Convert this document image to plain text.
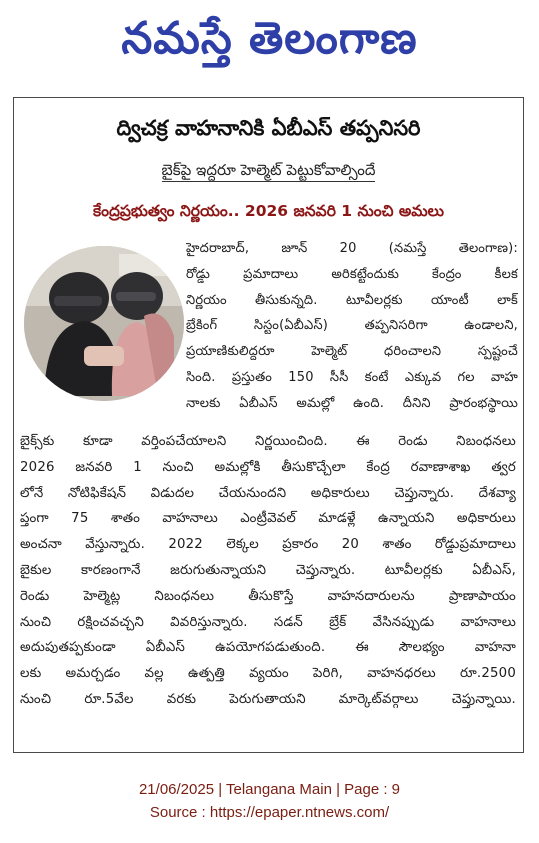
నమస్తే తెలంగాణ
ద్విచక్ర వాహనానికి ఏబీఎస్ తప్పనిసరి
బైక్‌పై ఇద్దరూ హెల్మెట్ పెట్టుకోవాల్సిందే
కేంద్రప్రభుత్వం నిర్ణయం.. 2026 జనవరి 1 నుంచి అమలు
హైదరాబాద్, జూన్ 20 (నమస్తే తెలంగాణ):
రోడ్డు ప్రమాదాలు అరికట్టేందుకు కేంద్రం కీలక
నిర్ణయం తీసుకున్నది. టూవీలర్లకు యాంటీ లాక్
బ్రేకింగ్ సిస్టం(ఏబీఎస్) తప్పనిసరిగా ఉండాలని,
ప్రయాణికులిద్దరూ హెల్మెట్ ధరించాలని స్పష్టంచే
సింది. ప్రస్తుతం 150 సీసీ కంటే ఎక్కువ గల వాహ
నాలకు ఏబీఎస్ అమల్లో ఉంది. దీనిని ప్రారంభస్థాయి
బైక్స్‌కు కూడా వర్తింపచేయాలని నిర్ణయించింది. ఈ రెండు నిబంధనలు
2026 జనవరి 1 నుంచి అమల్లోకి తీసుకొచ్చేలా కేంద్ర రవాణాశాఖ త్వర
లోనే నోటిఫికేషన్ విడుదల చేయనుందని అధికారులు చెప్తున్నారు. దేశవ్యా
ప్తంగా 75 శాతం వాహనాలు ఎంట్రీవెవల్ మాడళ్లే ఉన్నాయని అధికారులు
అంచనా వేస్తున్నారు. 2022 లెక్కల ప్రకారం 20 శాతం రోడ్డుప్రమాదాలు
బైకుల కారణంగానే జరుగుతున్నాయని చెప్తున్నారు. టూవీలర్లకు ఏబీఎస్,
రెండు హెల్మెట్ల నిబంధనలు తీసుకొస్తే వాహనదారులను ప్రాణాపాయం
నుంచి రక్షించవచ్చని వివరిస్తున్నారు. సడన్ బ్రేక్ వేసినప్పుడు వాహనాలు
అదుపుతప్పకుండా ఏబీఎస్ ఉపయోగపడుతుంది. ఈ సౌలభ్యం వాహనా
లకు అమర్చడం వల్ల ఉత్పత్తి వ్యయం పెరిగి, వాహనధరలు రూ.2500
నుంచి రూ.5వేల వరకు పెరుగుతాయని మార్కెట్‌వర్గాలు చెప్తున్నాయి.
21/06/2025 | Telangana Main | Page : 9
Source : https://epaper.ntnews.com/
